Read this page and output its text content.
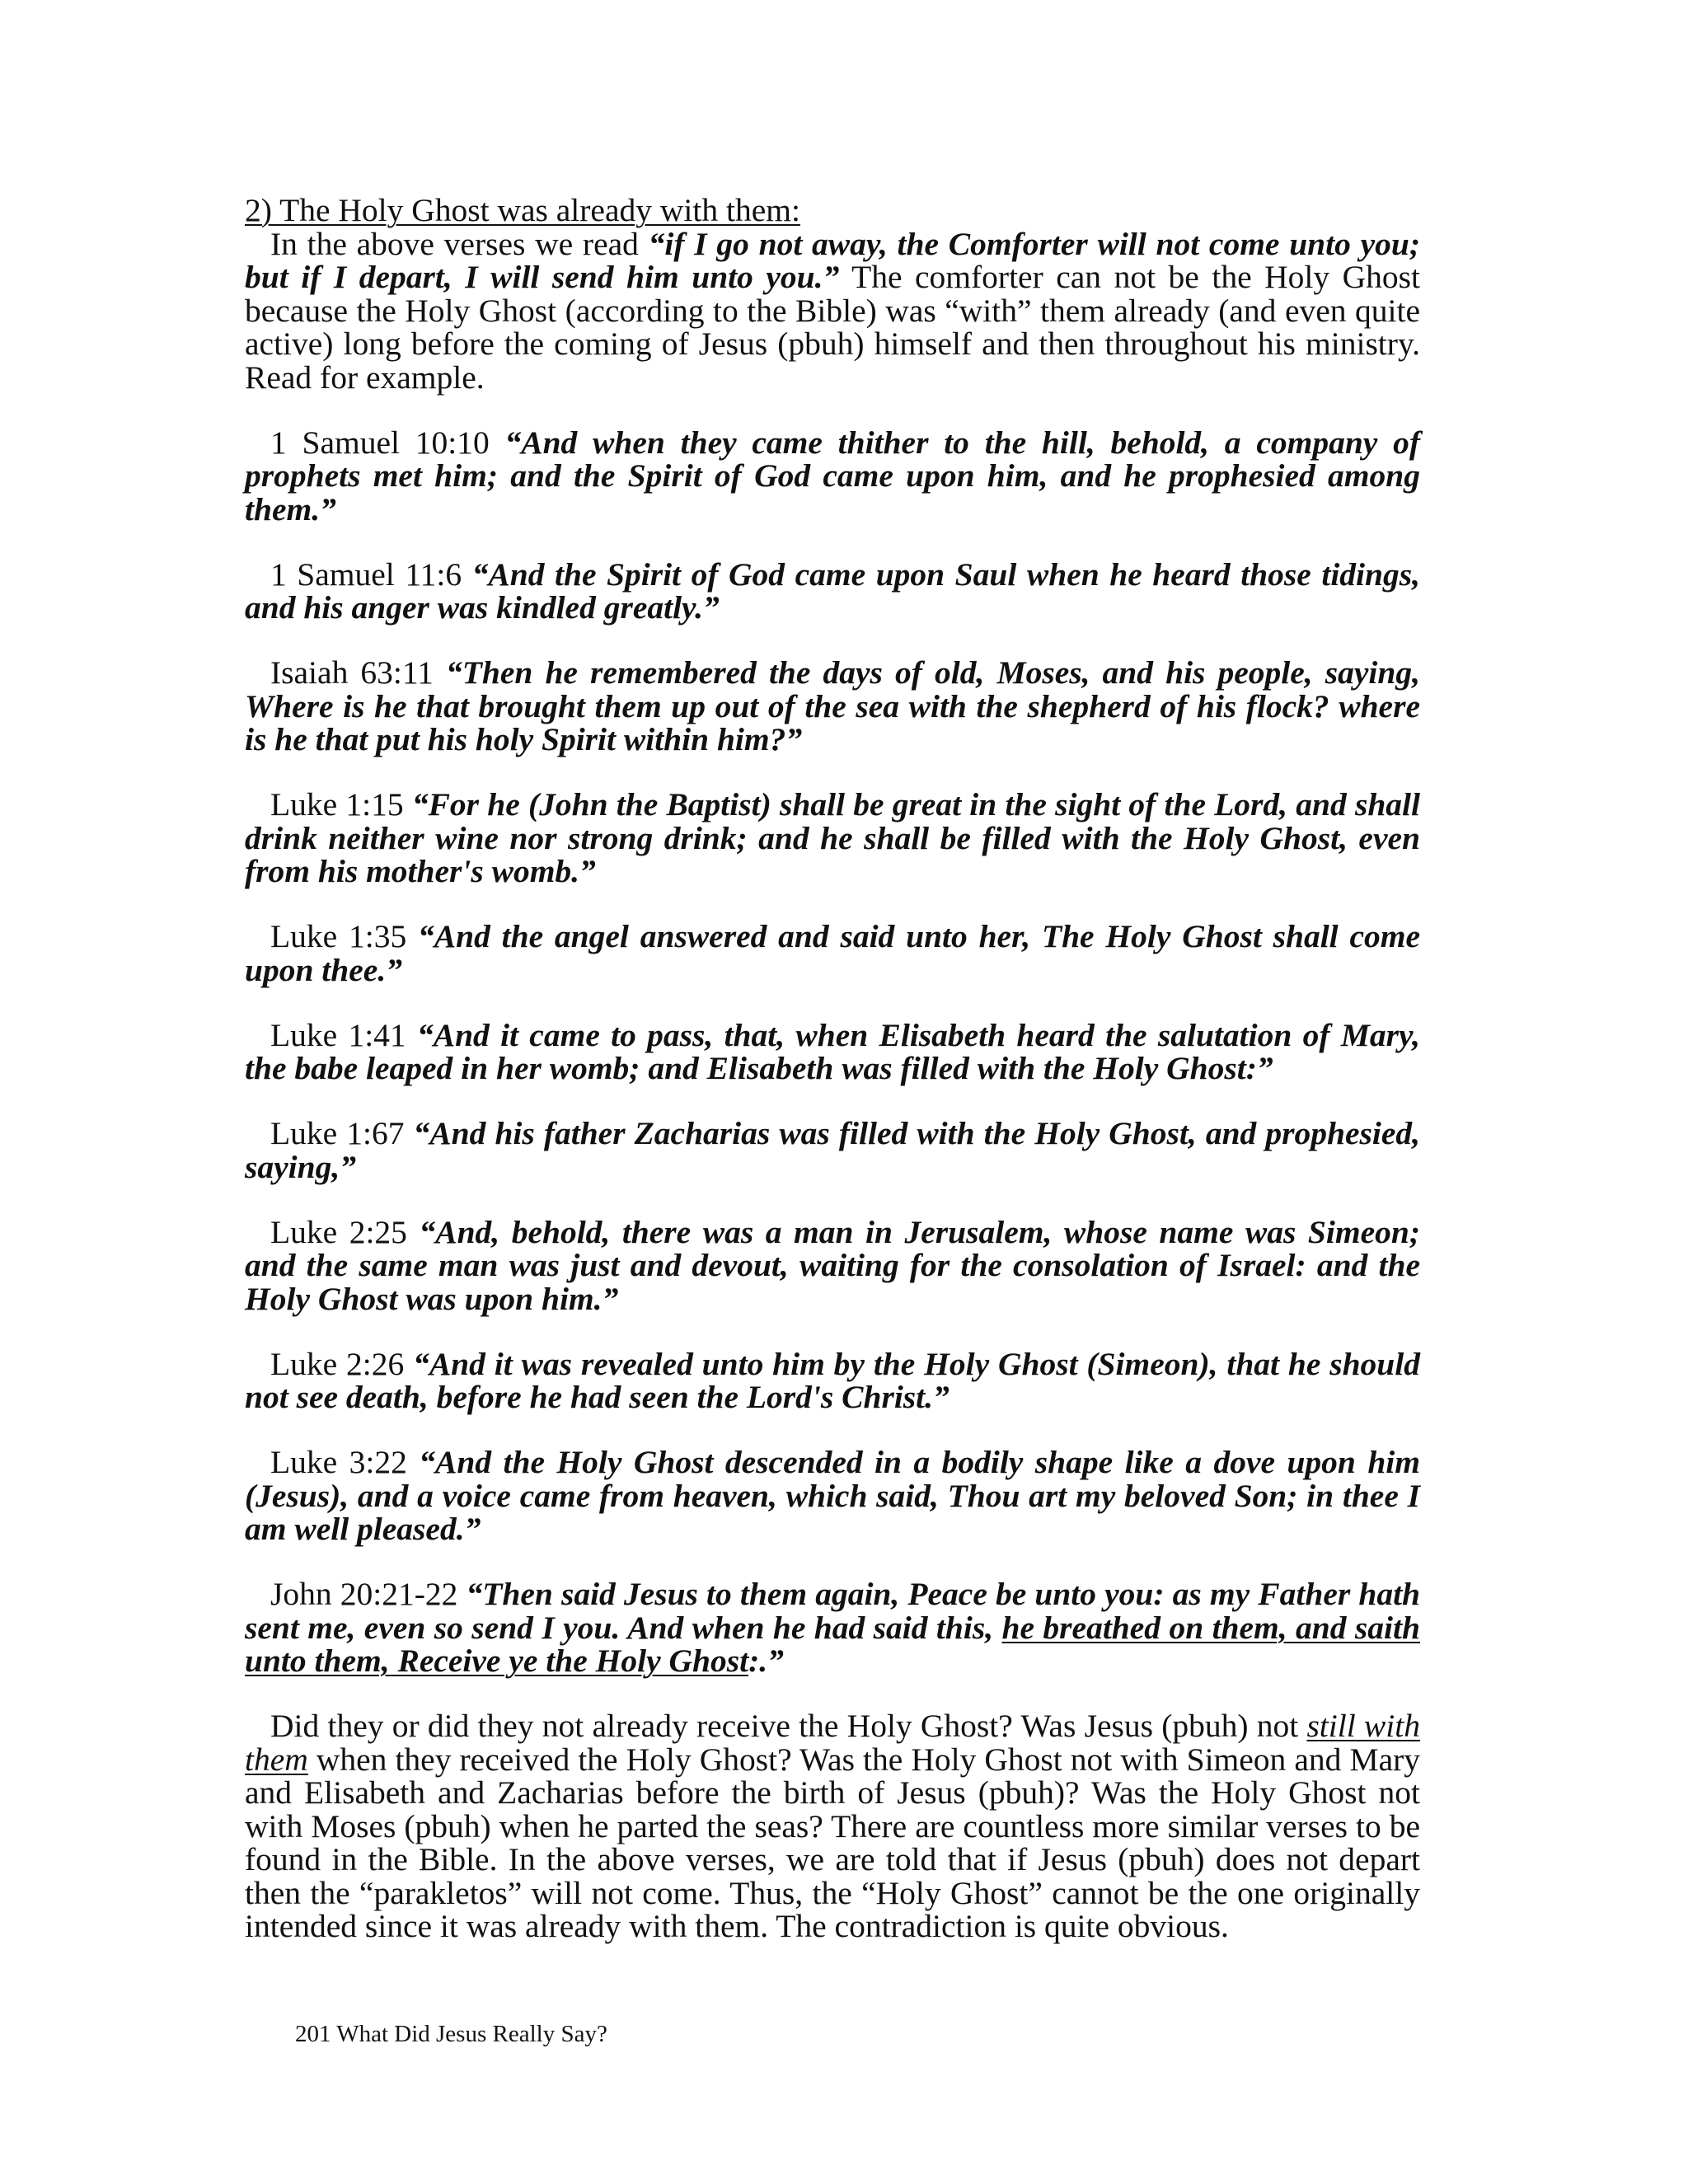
2) The Holy Ghost was already with them:

In the above verses we read “if I go not away, the Comforter will not come unto you; but if I depart, I will send him unto you.” The comforter can not be the Holy Ghost because the Holy Ghost (according to the Bible) was “with” them already (and even quite active) long before the coming of Jesus (pbuh) himself and then throughout his ministry. Read for example.

1 Samuel 10:10 “And when they came thither to the hill, behold, a company of prophets met him; and the Spirit of God came upon him, and he prophesied among them.”

1 Samuel 11:6 “And the Spirit of God came upon Saul when he heard those tidings, and his anger was kindled greatly.”

Isaiah 63:11 “Then he remembered the days of old, Moses, and his people, saying, Where is he that brought them up out of the sea with the shepherd of his flock? where is he that put his holy Spirit within him?”

Luke 1:15 “For he (John the Baptist) shall be great in the sight of the Lord, and shall drink neither wine nor strong drink; and he shall be filled with the Holy Ghost, even from his mother's womb.”

Luke 1:35 “And the angel answered and said unto her, The Holy Ghost shall come upon thee.”

Luke 1:41 “And it came to pass, that, when Elisabeth heard the salutation of Mary, the babe leaped in her womb; and Elisabeth was filled with the Holy Ghost:”

Luke 1:67 “And his father Zacharias was filled with the Holy Ghost, and prophesied, saying,”

Luke 2:25 “And, behold, there was a man in Jerusalem, whose name was Simeon; and the same man was just and devout, waiting for the consolation of Israel: and the Holy Ghost was upon him.”

Luke 2:26 “And it was revealed unto him by the Holy Ghost (Simeon), that he should not see death, before he had seen the Lord's Christ.”

Luke 3:22 “And the Holy Ghost descended in a bodily shape like a dove upon him (Jesus), and a voice came from heaven, which said, Thou art my beloved Son; in thee I am well pleased.”

John 20:21-22 “Then said Jesus to them again, Peace be unto you: as my Father hath sent me, even so send I you. And when he had said this, he breathed on them, and saith unto them, Receive ye the Holy Ghost:.”

Did they or did they not already receive the Holy Ghost? Was Jesus (pbuh) not still with them when they received the Holy Ghost? Was the Holy Ghost not with Simeon and Mary and Elisabeth and Zacharias before the birth of Jesus (pbuh)? Was the Holy Ghost not with Moses (pbuh) when he parted the seas? There are countless more similar verses to be found in the Bible. In the above verses, we are told that if Jesus (pbuh) does not depart then the “parakletos” will not come. Thus, the “Holy Ghost” cannot be the one originally intended since it was already with them. The contradiction is quite obvious.

201 What Did Jesus Really Say?
